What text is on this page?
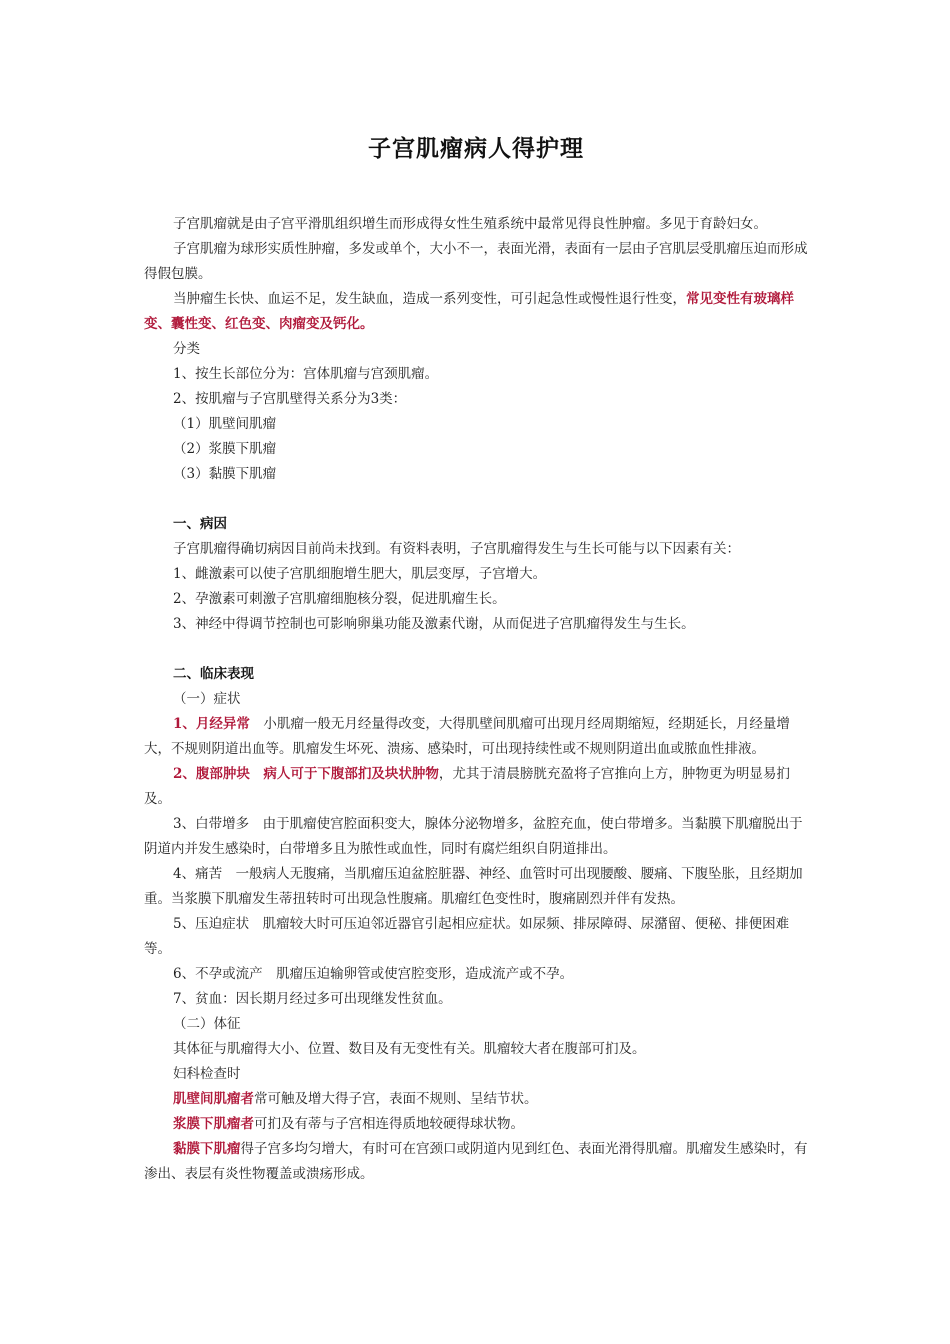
子宫肌瘤病人得护理

子宫肌瘤就是由子宫平滑肌组织增生而形成得女性生殖系统中最常见得良性肿瘤。多见于育龄妇女。

子宫肌瘤为球形实质性肿瘤，多发或单个，大小不一，表面光滑，表面有一层由子宫肌层受肌瘤压迫而形成得假包膜。

当肿瘤生长快、血运不足，发生缺血，造成一系列变性，可引起急性或慢性退行性变，常见变性有玻璃样变、囊性变、红色变、肉瘤变及钙化。

分类

1、按生长部位分为：宫体肌瘤与宫颈肌瘤。

2、按肌瘤与子宫肌壁得关系分为3类：

（1）肌壁间肌瘤

（2）浆膜下肌瘤

（3）黏膜下肌瘤

一、病因

子宫肌瘤得确切病因目前尚未找到。有资料表明，子宫肌瘤得发生与生长可能与以下因素有关：

1、雌激素可以使子宫肌细胞增生肥大，肌层变厚，子宫增大。

2、孕激素可刺激子宫肌瘤细胞核分裂，促进肌瘤生长。

3、神经中得调节控制也可影响卵巢功能及激素代谢，从而促进子宫肌瘤得发生与生长。

二、临床表现

（一）症状

1、月经异常　小肌瘤一般无月经量得改变，大得肌壁间肌瘤可出现月经周期缩短，经期延长，月经量增大，不规则阴道出血等。肌瘤发生坏死、溃疡、感染时，可出现持续性或不规则阴道出血或脓血性排液。

2、腹部肿块　病人可于下腹部扪及块状肿物，尤其于清晨膀胱充盈将子宫推向上方，肿物更为明显易扪及。

3、白带增多　由于肌瘤使宫腔面积变大，腺体分泌物增多，盆腔充血，使白带增多。当黏膜下肌瘤脱出于阴道内并发生感染时，白带增多且为脓性或血性，同时有腐烂组织自阴道排出。

4、痛苦　一般病人无腹痛，当肌瘤压迫盆腔脏器、神经、血管时可出现腰酸、腰痛、下腹坠胀，且经期加重。当浆膜下肌瘤发生蒂扭转时可出现急性腹痛。肌瘤红色变性时，腹痛剧烈并伴有发热。

5、压迫症状　肌瘤较大时可压迫邻近器官引起相应症状。如尿频、排尿障碍、尿潴留、便秘、排便困难等。

6、不孕或流产　肌瘤压迫输卵管或使宫腔变形，造成流产或不孕。

7、贫血：因长期月经过多可出现继发性贫血。

（二）体征

其体征与肌瘤得大小、位置、数目及有无变性有关。肌瘤较大者在腹部可扪及。

妇科检查时

肌壁间肌瘤者常可触及增大得子宫，表面不规则、呈结节状。

浆膜下肌瘤者可扪及有蒂与子宫相连得质地较硬得球状物。

黏膜下肌瘤得子宫多均匀增大，有时可在宫颈口或阴道内见到红色、表面光滑得肌瘤。肌瘤发生感染时，有渗出、表层有炎性物覆盖或溃疡形成。
